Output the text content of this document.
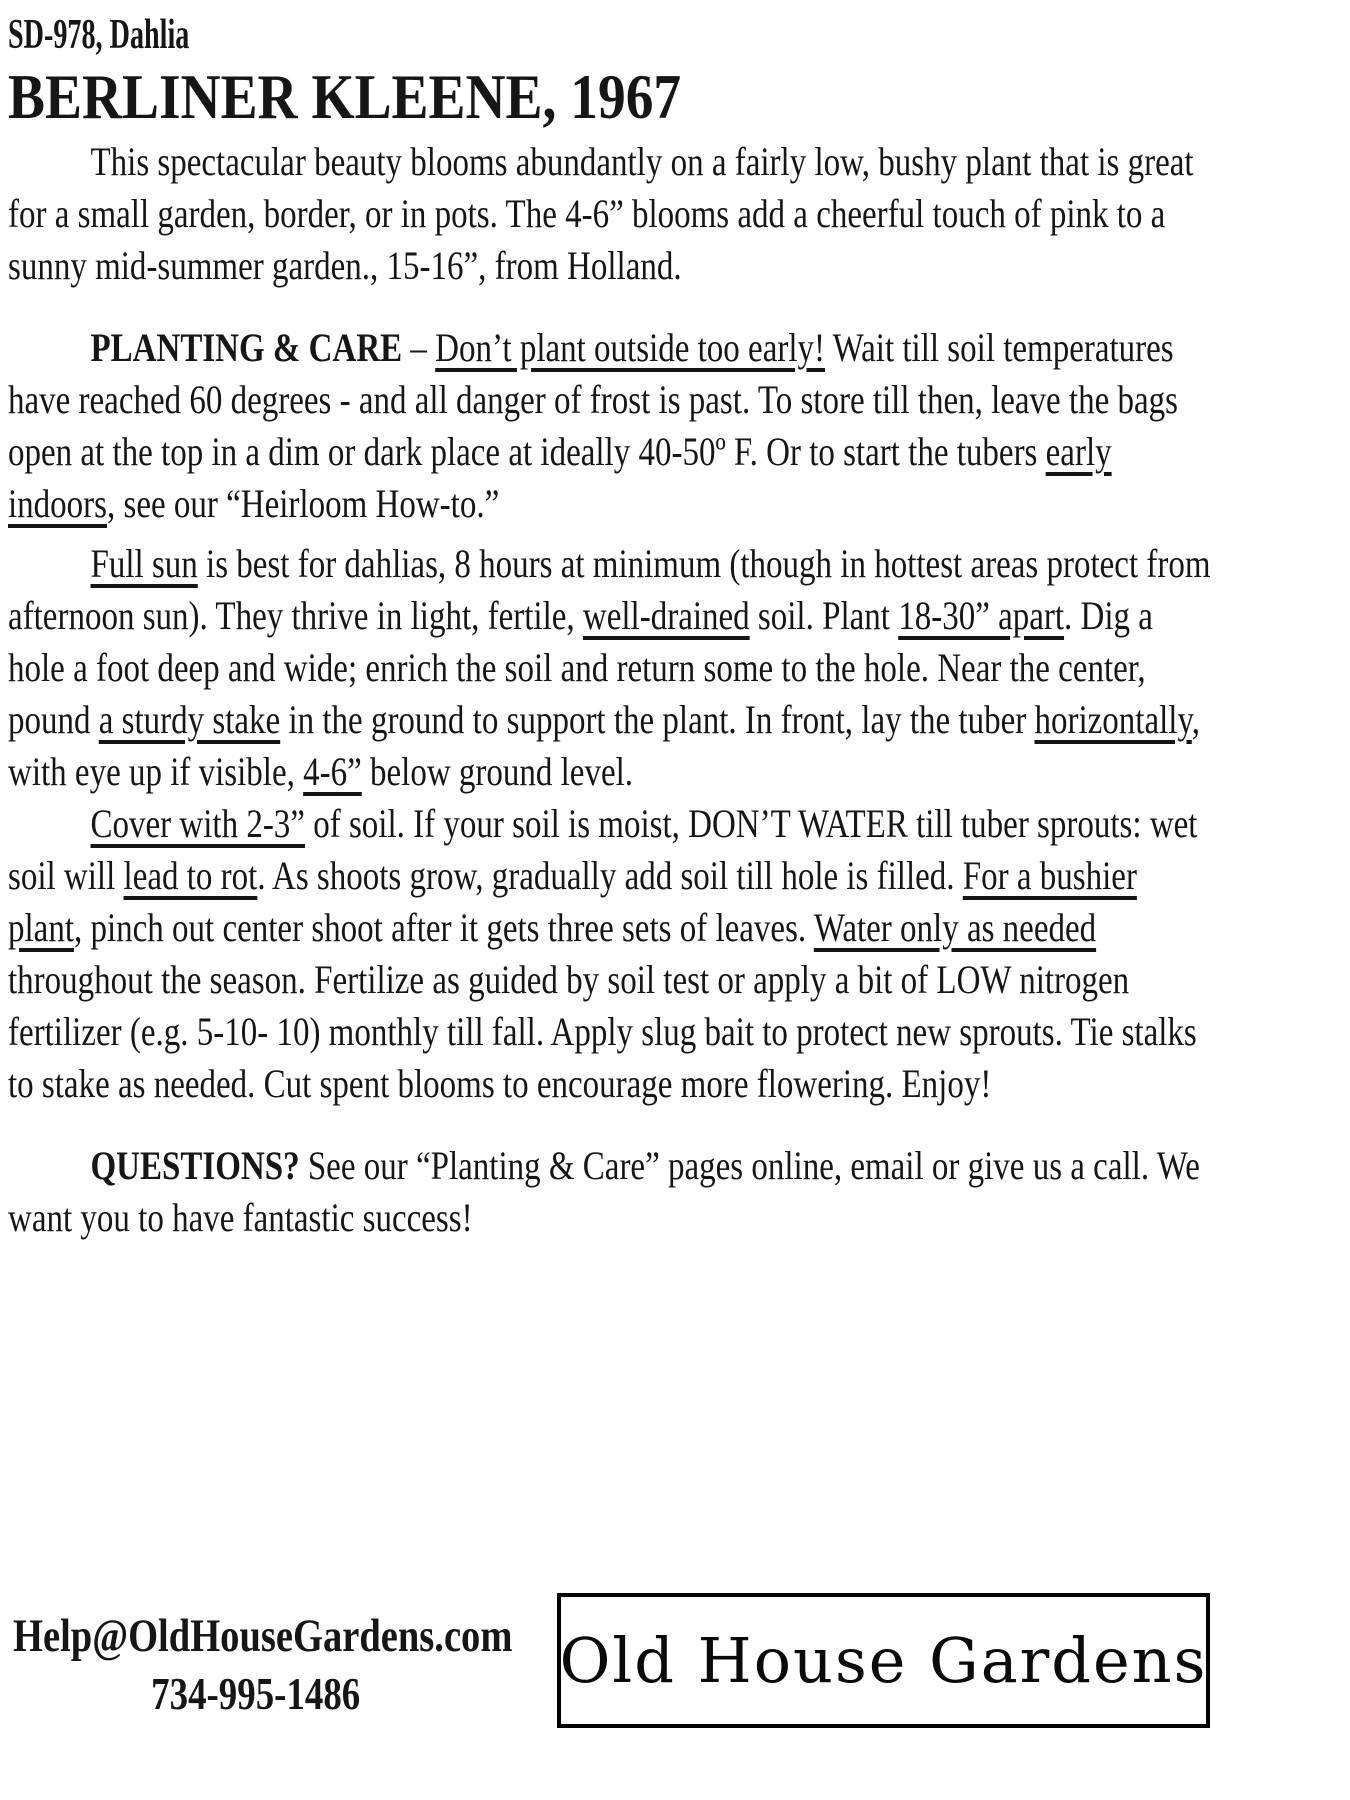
SD-978, Dahlia
BERLINER KLEENE, 1967

This spectacular beauty blooms abundantly on a fairly low, bushy plant that is great for a small garden, border, or in pots. The 4-6” blooms add a cheerful touch of pink to a sunny mid-summer garden., 15-16”, from Holland.

PLANTING & CARE – Don’t plant outside too early! Wait till soil temperatures have reached 60 degrees - and all danger of frost is past. To store till then, leave the bags open at the top in a dim or dark place at ideally 40-50º F. Or to start the tubers early indoors, see our “Heirloom How-to.”

Full sun is best for dahlias, 8 hours at minimum (though in hottest areas protect from afternoon sun). They thrive in light, fertile, well-drained soil. Plant 18-30” apart. Dig a hole a foot deep and wide; enrich the soil and return some to the hole. Near the center, pound a sturdy stake in the ground to support the plant. In front, lay the tuber horizontally, with eye up if visible, 4-6” below ground level.

Cover with 2-3” of soil. If your soil is moist, DON’T WATER till tuber sprouts: wet soil will lead to rot. As shoots grow, gradually add soil till hole is filled. For a bushier plant, pinch out center shoot after it gets three sets of leaves. Water only as needed throughout the season. Fertilize as guided by soil test or apply a bit of LOW nitrogen fertilizer (e.g. 5-10- 10) monthly till fall. Apply slug bait to protect new sprouts. Tie stalks to stake as needed. Cut spent blooms to encourage more flowering. Enjoy!

QUESTIONS? See our “Planting & Care” pages online, email or give us a call. We want you to have fantastic success!

Help@OldHouseGardens.com
734-995-1486	Old House Gardens
